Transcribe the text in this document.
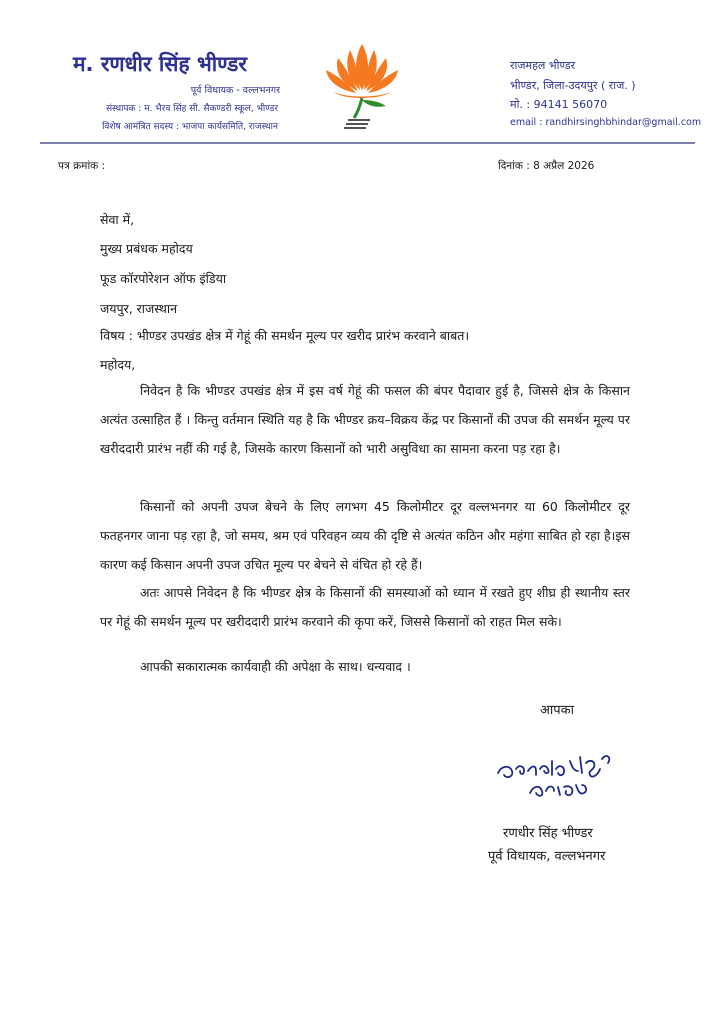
म. रणधीर सिंह भीण्डर
पूर्व विधायक - वल्लभनगर
संस्थापक : म. भैरव सिंह सी. सैकण्डरी स्कूल, भीण्डर
विशेष आमंत्रित सदस्य : भाजपा कार्यसमिति, राजस्थान
राजमहल भीण्डर
भीण्डर, जिला-उदयपुर ( राज. )
मो. : 94141 56070
email : randhirsinghbhindar@gmail.com
पत्र क्रमांक :	दिनांक : 8 अप्रैल 2026
सेवा में,
मुख्य प्रबंधक महोदय
फूड कॉरपोरेशन ऑफ इंडिया
जयपुर, राजस्थान
विषय : भीण्डर उपखंड क्षेत्र में गेहूं की समर्थन मूल्य पर खरीद प्रारंभ करवाने बाबत।
महोदय,
निवेदन है कि भीण्डर उपखंड क्षेत्र में इस वर्ष गेहूं की फसल की बंपर पैदावार हुई है, जिससे क्षेत्र के किसान अत्यंत उत्साहित हैं । किन्तु वर्तमान स्थिति यह है कि भीण्डर क्रय–विक्रय केंद्र पर किसानों की उपज की समर्थन मूल्य पर खरीददारी प्रारंभ नहीं की गई है, जिसके कारण किसानों को भारी असुविधा का सामना करना पड़ रहा है।
किसानों को अपनी उपज बेचने के लिए लगभग 45 किलोमीटर दूर वल्लभनगर या 60 किलोमीटर दूर फतहनगर जाना पड़ रहा है, जो समय, श्रम एवं परिवहन व्यय की दृष्टि से अत्यंत कठिन और महंगा साबित हो रहा है।इस कारण कई किसान अपनी उपज उचित मूल्य पर बेचने से वंचित हो रहे हैं।
अतः आपसे निवेदन है कि भीण्डर क्षेत्र के किसानों की समस्याओं को ध्यान में रखते हुए शीघ्र ही स्थानीय स्तर पर गेहूं की समर्थन मूल्य पर खरीददारी प्रारंभ करवाने की कृपा करें, जिससे किसानों को राहत मिल सके।
आपकी सकारात्मक कार्यवाही की अपेक्षा के साथ। धन्यवाद ।
आपका
रणधीर सिंह भीण्डर
पूर्व विधायक, वल्लभनगर
